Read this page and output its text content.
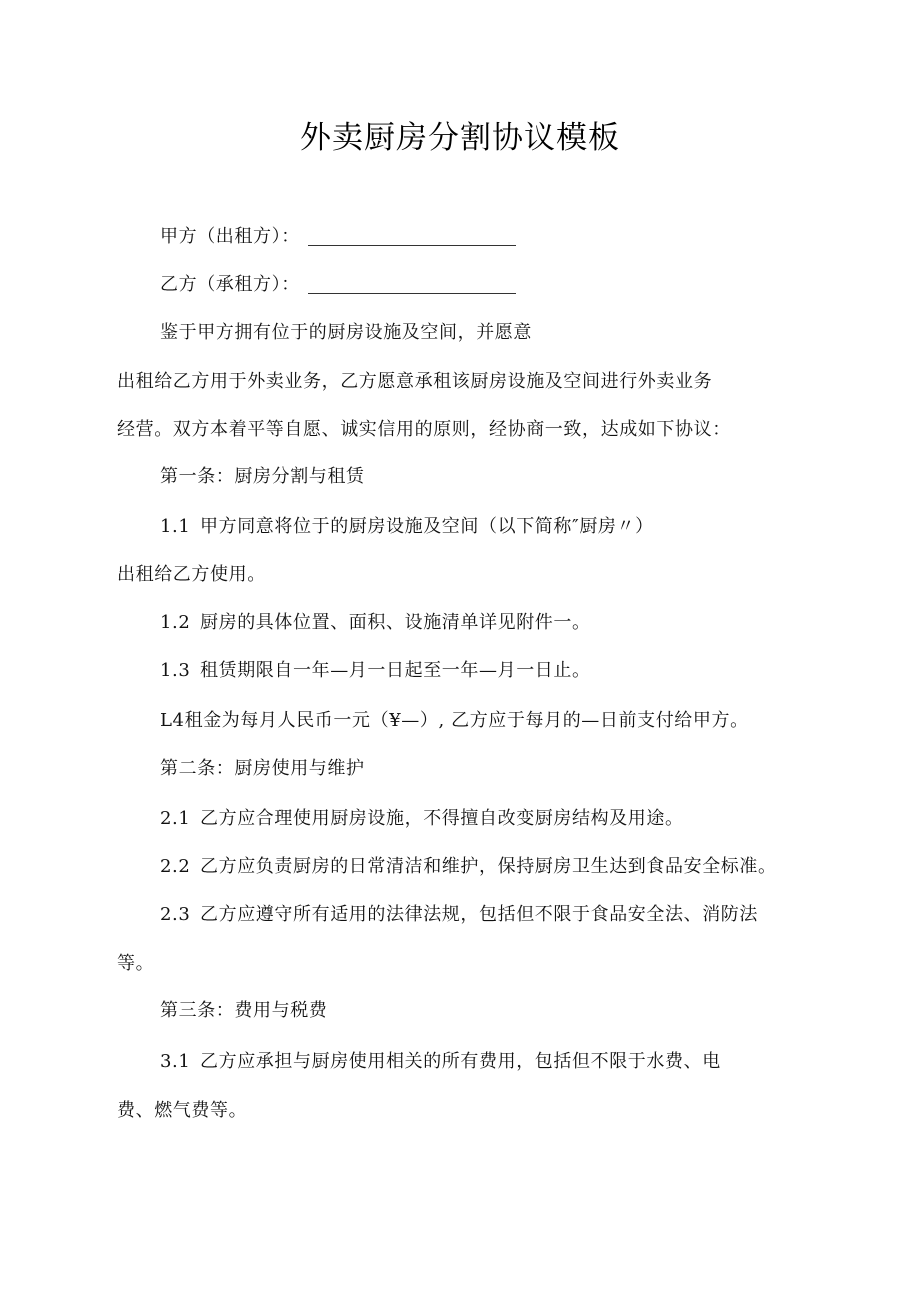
外卖厨房分割协议模板
甲方（出租方）：
乙方（承租方）：
鉴于甲方拥有位于的厨房设施及空间，并愿意
出租给乙方用于外卖业务，乙方愿意承租该厨房设施及空间进行外卖业务
经营。双方本着平等自愿、诚实信用的原则，经协商一致，达成如下协议：
第一条：厨房分割与租赁
1.1 甲方同意将位于的厨房设施及空间（以下简称″厨房〃）
出租给乙方使用。
1.2 厨房的具体位置、面积、设施清单详见附件一。
1.3 租赁期限自一年—月一日起至一年—月一日止。
L4租金为每月人民币一元（¥—）, 乙方应于每月的—日前支付给甲方。
第二条：厨房使用与维护
2.1 乙方应合理使用厨房设施，不得擅自改变厨房结构及用途。
2.2 乙方应负责厨房的日常清洁和维护，保持厨房卫生达到食品安全标准。
2.3 乙方应遵守所有适用的法律法规，包括但不限于食品安全法、消防法
等。
第三条：费用与税费
3.1 乙方应承担与厨房使用相关的所有费用，包括但不限于水费、电
费、燃气费等。
